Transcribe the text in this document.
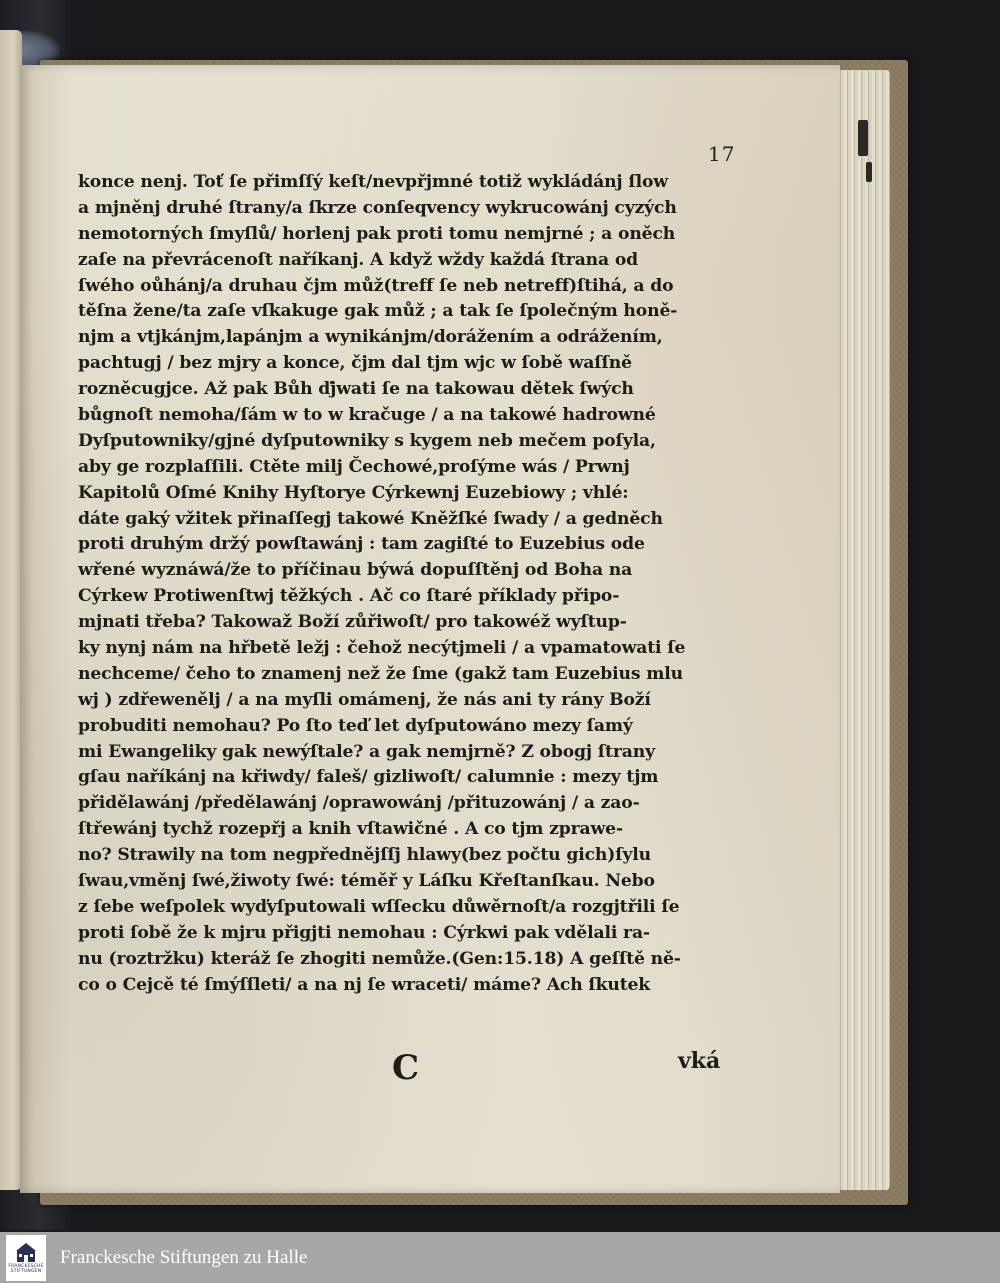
17
konce nenj. Toť ſe přimſſý keſt/nevpřjmné totiž wykládánj ſlow
a mjněnj druhé ſtrany/a ſkrze conſeqvency wykrucowánj cyzých
nemotorných ſmyſlů/ horlenj pak proti tomu nemjrné ; a oněch
zaſe na převrácenoſt naříkanj. A když wždy každá ſtrana od
ſwého oůhánj/a druhau čjm můž(treff ſe neb netreff)ſtihá, a do
těſna žene/ta zaſe vſkakuge gak můž ; a tak ſe ſpolečným honě-
njm a vtjkánjm,lapánjm a wynikánjm/dorážením a odrážením,
pachtugj / bez mjry a konce, čjm dal tjm wjc w ſobě waſſně
rozněcugjce. Až pak Bůh ďjwati ſe na takowau dětek ſwých
bůgnoſt nemoha/ſám w to w kračuge / a na takowé hadrowné
Dyſputowniky/gjné dyſputowniky s kygem neb mečem poſyla,
aby ge rozplaſſili. Ctěte milj Čechowé,proſýme wás / Prwnj
Kapitolů Oſmé Knihy Hyſtorye Cýrkewnj Euzebiowy ; vhlé:
dáte gaký vžitek přinaſſegj takowé Kněžſké ſwady / a gedněch
proti druhým držý powſtawánj : tam zagiſté to Euzebius ode
wřené wyznáwá/že to příčinau býwá dopuſſtěnj od Boha na
Cýrkew Protiwenſtwj těžkých . Ač co ſtaré příklady připo-
mjnati třeba? Takowaž Boží zůřiwoſt/ pro takowéž wyſtup-
ky nynj nám na hřbetě ležj : čehož necýtjmeli / a vpamatowati ſe
nechceme/ čeho to znamenj než že ſme (gakž tam Euzebius mlu
wj ) zdřewenělj / a na myſli omámenj, že nás ani ty rány Boží
probuditi nemohau? Po ſto teď let dyſputowáno mezy ſamý
mi Ewangeliky gak newýſtale? a gak nemjrně? Z obogj ſtrany
gſau naříkánj na křiwdy/ faleš/ gizliwoſt/ calumnie : mezy tjm
přidělawánj /předělawánj /oprawowánj /přituzowánj / a zao-
ſtřewánj tychž rozepřj a knih vſtawičné . A co tjm zprawe-
no? Strawily na tom negpřednějſſj hlawy(bez počtu gich)ſylu
ſwau,vměnj ſwé,žiwoty ſwé: téměř y Láſku Křeſtanſkau. Nebo
z ſebe weſpolek wyďyſputowali wſſecku důwěrnoſt/a rozgjtřili ſe
proti ſobě že k mjru přigjti nemohau : Cýrkwi pak vdělali ra-
nu (roztržku) kteráž ſe zhogiti nemůže.(Gen:15.18) A geſſtě ně-
co o Cejcě té ſmýſſleti/ a na nj ſe wraceti/ máme? Ach ſkutek
C	vká
FRANCKESCHE
STIFTUNGEN
Franckesche Stiftungen zu Halle
